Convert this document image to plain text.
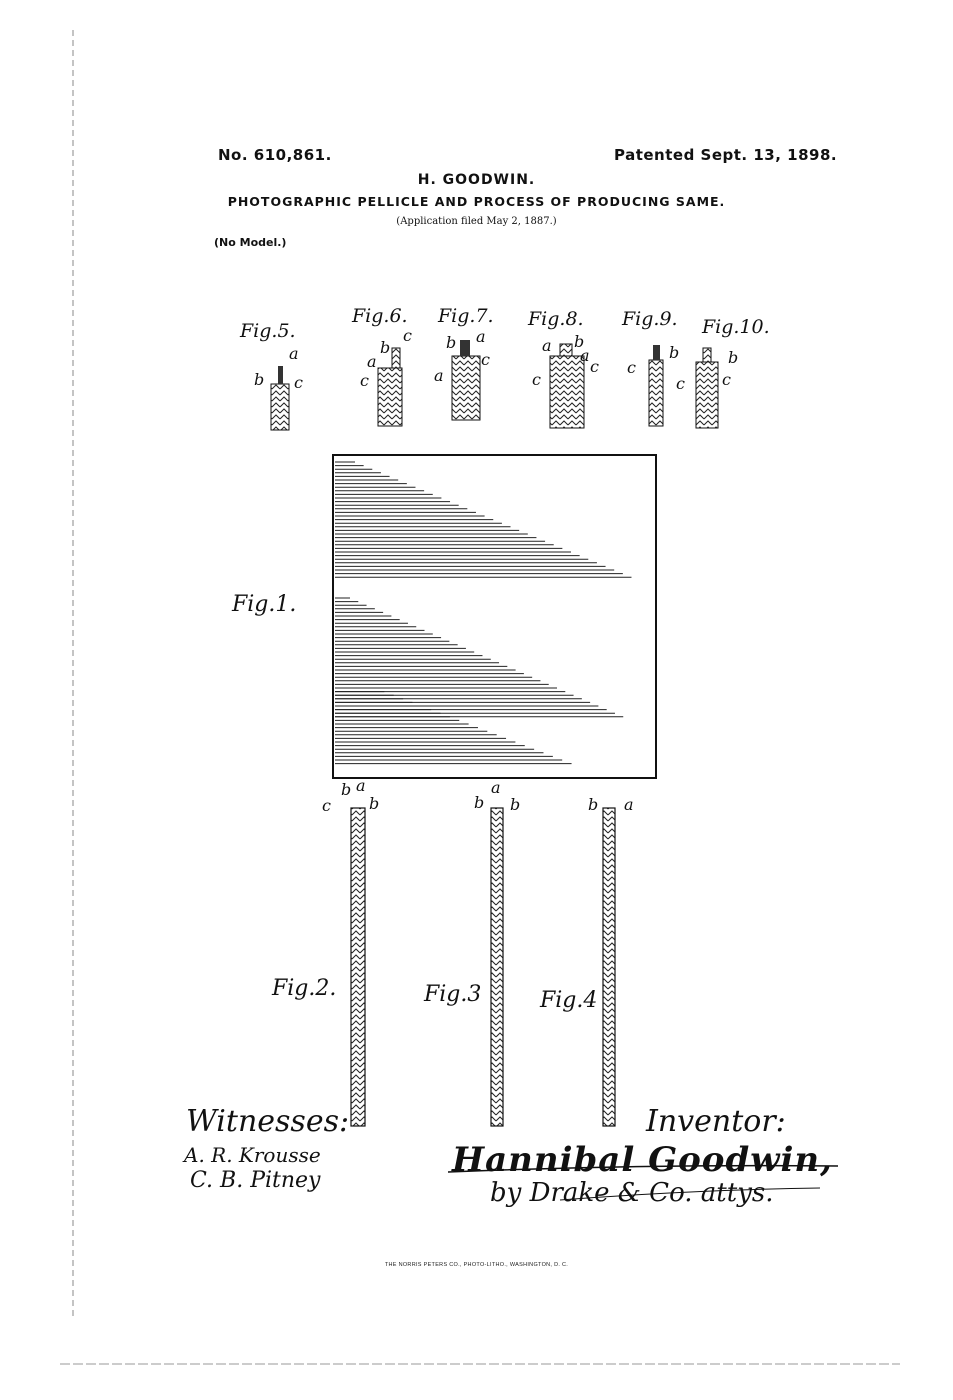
No. 610,861.	Patented Sept. 13, 1898.
H. GOODWIN.
PHOTOGRAPHIC PELLICLE AND PROCESS OF PRODUCING SAME.
(Application filed May 2, 1887.)
(No Model.)
Fig.5.
Fig.6. Fig.7. Fig.8. Fig.9. Fig.10.
Fig.1.
Fig.2.	Fig.3	Fig.4
a
b c
b
c
a
c
b a
c
a
a b
a
c
c
c
b	b
c
c
b a
c b
a
b b	b a
Witnesses:
A. R. Krousse
C. B. Pitney
Inventor:
Hannibal Goodwin,
by Drake & Co. attys.
THE NORRIS PETERS CO., PHOTO-LITHO., WASHINGTON, D. C.
